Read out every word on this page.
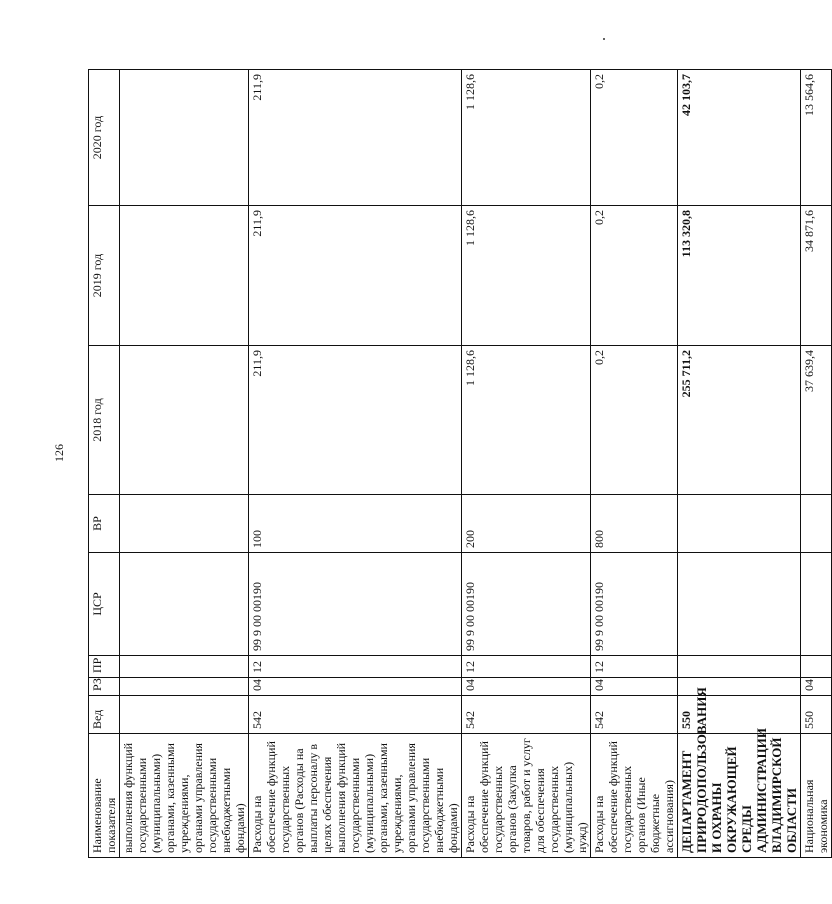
126
Наименование показателя	Вед	РЗ	ПР	ЦСР	ВР	2018 год	2019 год	2020 год
выполнения функций государственными (муниципальными) органами, казенными учреждениями, органами управления государственными внебюджетными фондами)								
Расходы на обеспечение функций государственных органов (Расходы на выплаты персоналу в целях обеспечения выполнения функций государственными (муниципальными) органами, казенными учреждениями, органами управления государственными внебюджетными фондами)	542	04	12	99 9 00 00190	100	211,9	211,9	211,9
Расходы на обеспечение функций государственных органов (Закупка товаров, работ и услуг для обеспечения государственных (муниципальных) нужд)	542	04	12	99 9 00 00190	200	1 128,6	1 128,6	1 128,6
Расходы на обеспечение функций государственных органов (Иные бюджетные ассигнования)	542	04	12	99 9 00 00190	800	0,2	0,2	0,2
ДЕПАРТАМЕНТ ПРИРОДОПОЛЬЗОВАНИЯ И ОХРАНЫ ОКРУЖАЮЩЕЙ СРЕДЫ АДМИНИСТРАЦИИ ВЛАДИМИРСКОЙ ОБЛАСТИ	550					255 711,2	113 320,8	42 103,7
Национальная экономика	550	04				37 639,4	34 871,6	13 564,6
